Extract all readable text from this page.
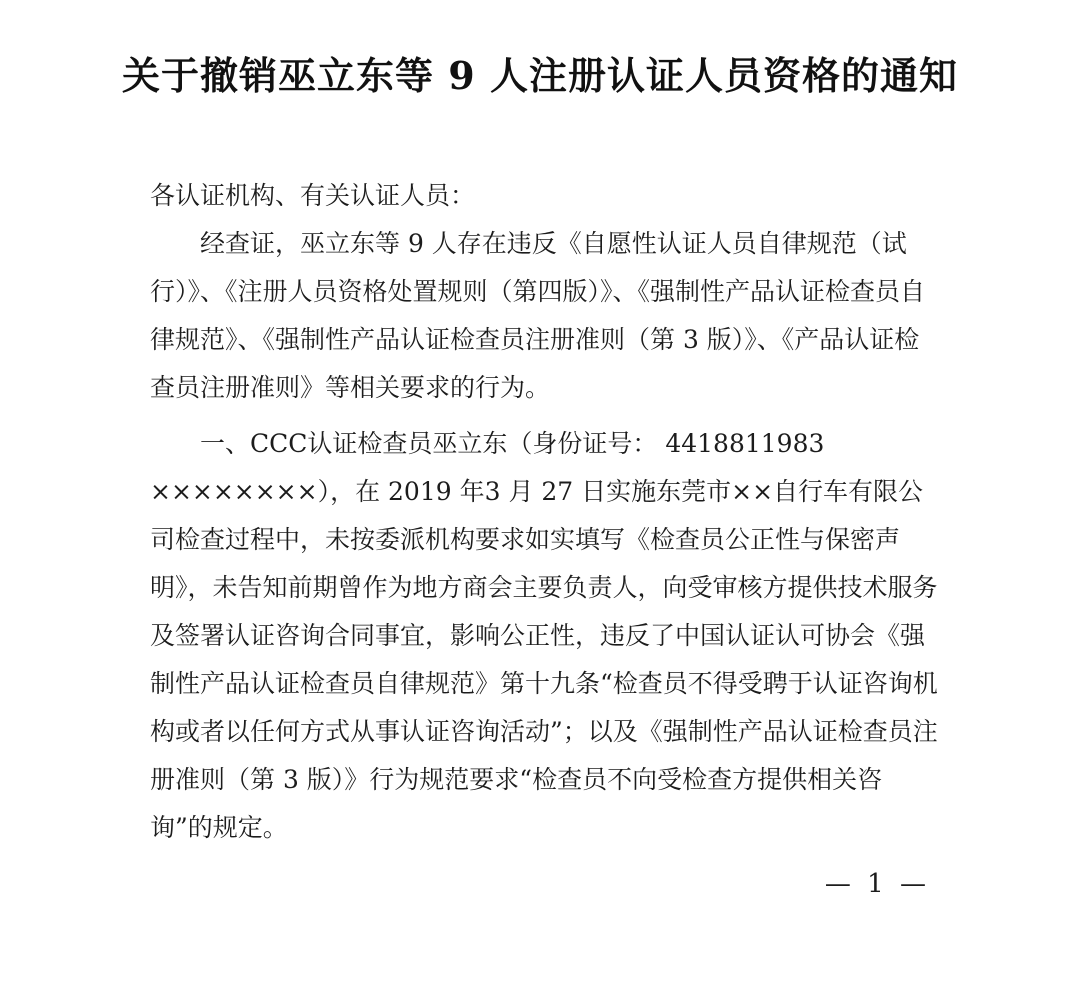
关于撤销巫立东等 9 人注册认证人员资格的通知
各认证机构、有关认证人员：
经查证，巫立东等 9 人存在违反《自愿性认证人员自律规范（试行）》、《注册人员资格处置规则（第四版）》、《强制性产品认证检查员自律规范》、《强制性产品认证检查员注册准则（第 3 版）》、《产品认证检查员注册准则》等相关要求的行为。
一、CCC认证检查员巫立东（身份证号： 4418811983 ××××××××），在 2019 年3 月 27 日实施东莞市××自行车有限公司检查过程中，未按委派机构要求如实填写《检查员公正性与保密声明》，未告知前期曾作为地方商会主要负责人，向受审核方提供技术服务及签署认证咨询合同事宜，影响公正性，违反了中国认证认可协会《强制性产品认证检查员自律规范》第十九条“检查员不得受聘于认证咨询机构或者以任何方式从事认证咨询活动”；以及《强制性产品认证检查员注册准则（第 3 版）》行为规范要求“检查员不向受检查方提供相关咨询”的规定。
— 1 —
